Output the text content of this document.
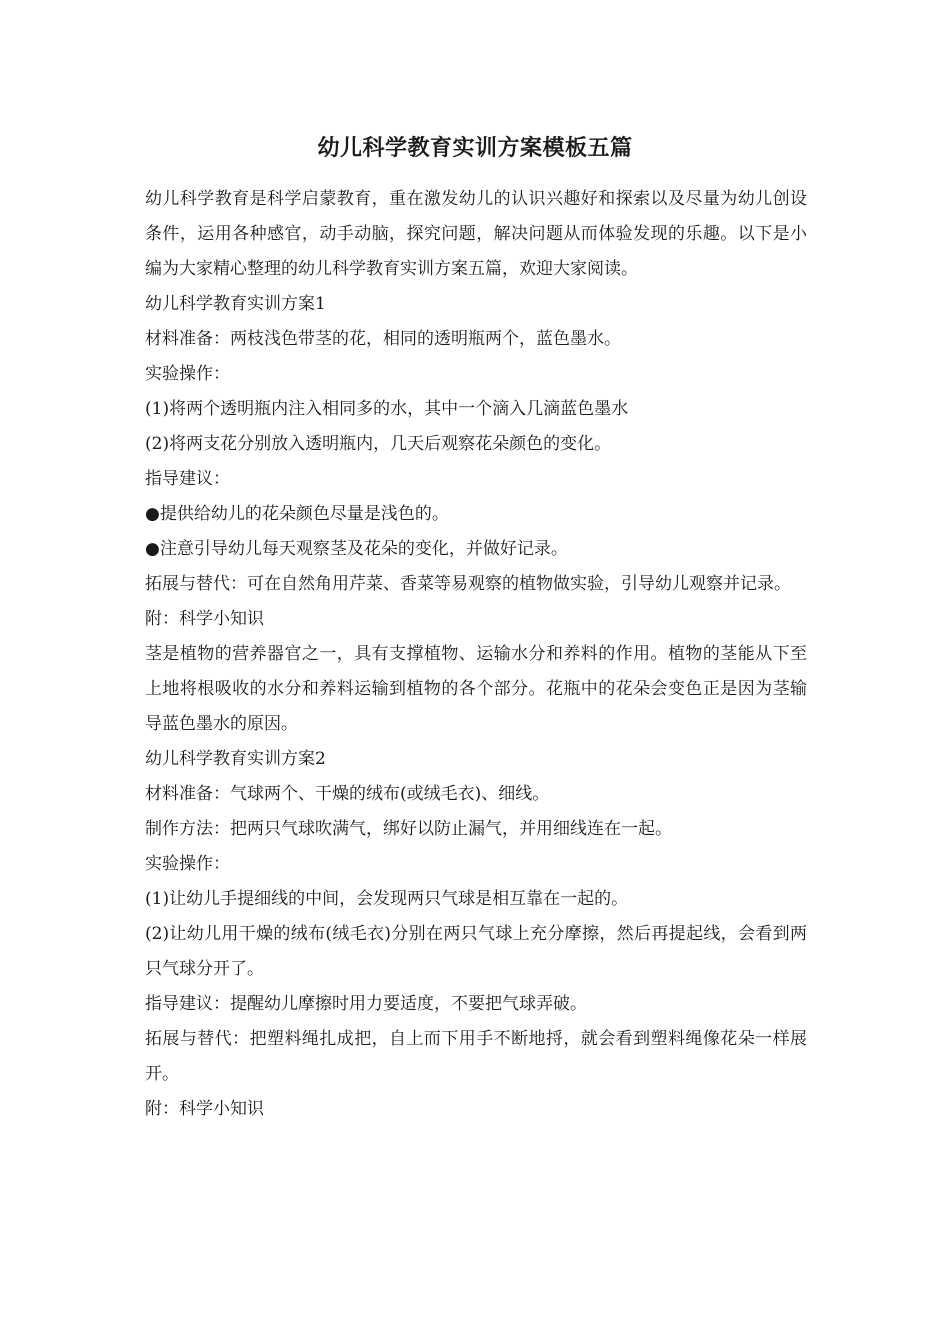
幼儿科学教育实训方案模板五篇

幼儿科学教育是科学启蒙教育，重在激发幼儿的认识兴趣好和探索以及尽量为幼儿创设条件，运用各种感官，动手动脑，探究问题，解决问题从而体验发现的乐趣。以下是小编为大家精心整理的幼儿科学教育实训方案五篇，欢迎大家阅读。

幼儿科学教育实训方案1

材料准备：两枝浅色带茎的花，相同的透明瓶两个，蓝色墨水。

实验操作：

(1)将两个透明瓶内注入相同多的水，其中一个滴入几滴蓝色墨水

(2)将两支花分别放入透明瓶内，几天后观察花朵颜色的变化。

指导建议：

●提供给幼儿的花朵颜色尽量是浅色的。

●注意引导幼儿每天观察茎及花朵的变化，并做好记录。

拓展与替代：可在自然角用芹菜、香菜等易观察的植物做实验，引导幼儿观察并记录。

附：科学小知识

茎是植物的营养器官之一，具有支撑植物、运输水分和养料的作用。植物的茎能从下至上地将根吸收的水分和养料运输到植物的各个部分。花瓶中的花朵会变色正是因为茎输导蓝色墨水的原因。

幼儿科学教育实训方案2

材料准备：气球两个、干燥的绒布(或绒毛衣)、细线。

制作方法：把两只气球吹满气，绑好以防止漏气，并用细线连在一起。

实验操作：

(1)让幼儿手提细线的中间，会发现两只气球是相互靠在一起的。

(2)让幼儿用干燥的绒布(绒毛衣)分别在两只气球上充分摩擦，然后再提起线，会看到两只气球分开了。

指导建议：提醒幼儿摩擦时用力要适度，不要把气球弄破。

拓展与替代：把塑料绳扎成把，自上而下用手不断地捋，就会看到塑料绳像花朵一样展开。

附：科学小知识
